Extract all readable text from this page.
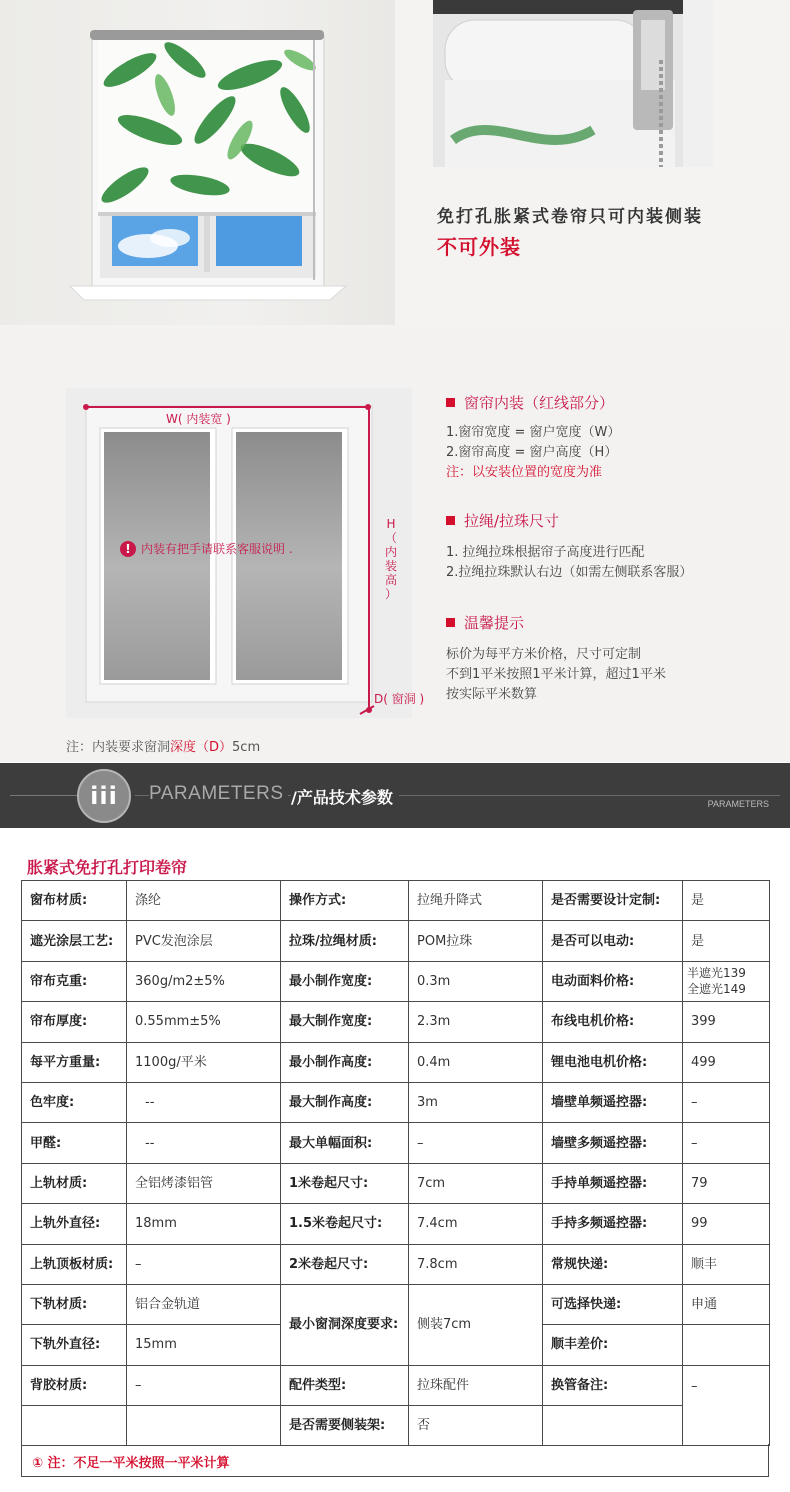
免打孔胀紧式卷帘只可内装侧装
不可外装
W( 内装宽 )
H
（
内
装
高
）
D( 窗洞 )
! 内装有把手请联系客服说明 .
注：内装要求窗洞深度（D）5cm
窗帘内装（红线部分）
1.窗帘宽度 = 窗户宽度（W）
2.窗帘高度 = 窗户高度（H）
注：以安装位置的宽度为准
拉绳/拉珠尺寸
1. 拉绳拉珠根据帘子高度进行匹配
2.拉绳拉珠默认右边（如需左侧联系客服）
温馨提示
标价为每平方米价格，尺寸可定制
不到1平米按照1平米计算，超过1平米
按实际平米数算
iii	PARAMETERS /产品技术参数	PARAMETERS
胀紧式免打孔打印卷帘
窗布材质:	涤纶	操作方式:	拉绳升降式	是否需要设计定制:	是
遮光涂层工艺:	PVC发泡涂层	拉珠/拉绳材质:	POM拉珠	是否可以电动:	是
帘布克重:	360g/m2±5%	最小制作宽度:	0.3m	电动面料价格:	半遮光139
全遮光149

帘布厚度:	0.55mm±5%	最大制作宽度:	2.3m	布线电机价格:	399
每平方重量:	1100g/平米	最小制作高度:	0.4m	锂电池电机价格:	499
色牢度:	--	最大制作高度:	3m	墙壁单频遥控器:	–
甲醛:	--	最大单幅面积:	–	墙壁多频遥控器:	–
上轨材质:	全铝烤漆铝管	1米卷起尺寸:	7cm	手持单频遥控器:	79
上轨外直径:	18mm	1.5米卷起尺寸:	7.4cm	手持多频遥控器:	99
上轨顶板材质:	–	2米卷起尺寸:	7.8cm	常规快递:	顺丰
下轨材质:	铝合金轨道	最小窗洞深度要求:	侧装7cm	可选择快递:	申通
下轨外直径:	15mm			顺丰差价:	
背胶材质:	–	配件类型:	拉珠配件	换管备注:	–
		是否需要侧装架:	否		
① 注：不足一平米按照一平米计算
